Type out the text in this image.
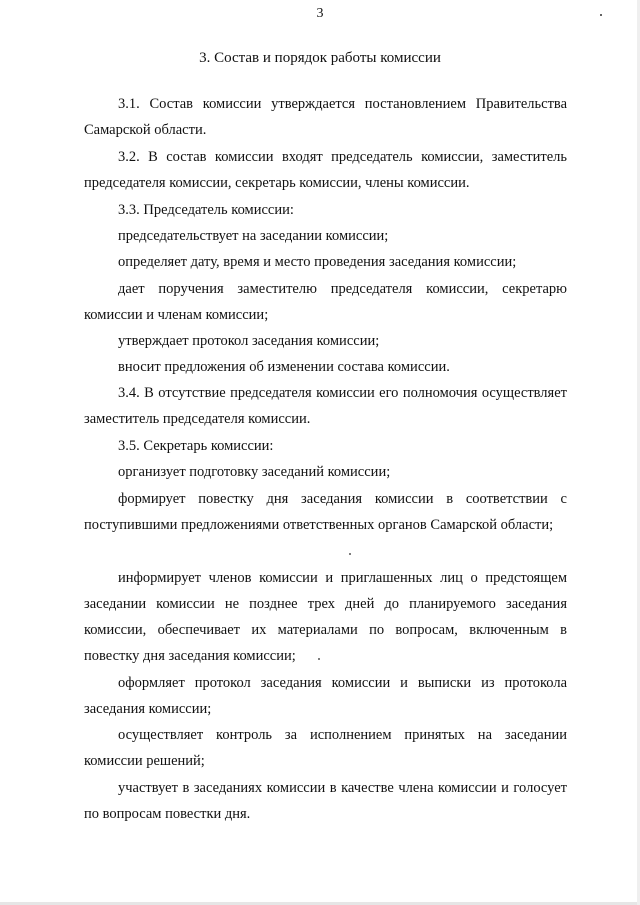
3
3. Состав и порядок работы комиссии
3.1. Состав комиссии утверждается постановлением Правительства Самарской области.
3.2. В состав комиссии входят председатель комиссии, заместитель председателя комиссии, секретарь комиссии, члены комиссии.
3.3. Председатель комиссии:
председательствует на заседании комиссии;
определяет дату, время и место проведения заседания комиссии;
дает поручения заместителю председателя комиссии, секретарю комиссии и членам комиссии;
утверждает протокол заседания комиссии;
вносит предложения об изменении состава комиссии.
3.4. В отсутствие председателя комиссии его полномочия осуществляет заместитель председателя комиссии.
3.5. Секретарь комиссии:
организует подготовку заседаний комиссии;
формирует повестку дня заседания комиссии в соответствии с поступившими предложениями ответственных органов Самарской области;
информирует членов комиссии и приглашенных лиц о предстоящем заседании комиссии не позднее трех дней до планируемого заседания комиссии, обеспечивает их материалами по вопросам, включенным в повестку дня заседания комиссии;
оформляет протокол заседания комиссии и выписки из протокола заседания комиссии;
осуществляет контроль за исполнением принятых на заседании комиссии решений;
участвует в заседаниях комиссии в качестве члена комиссии и голосует по вопросам повестки дня.
